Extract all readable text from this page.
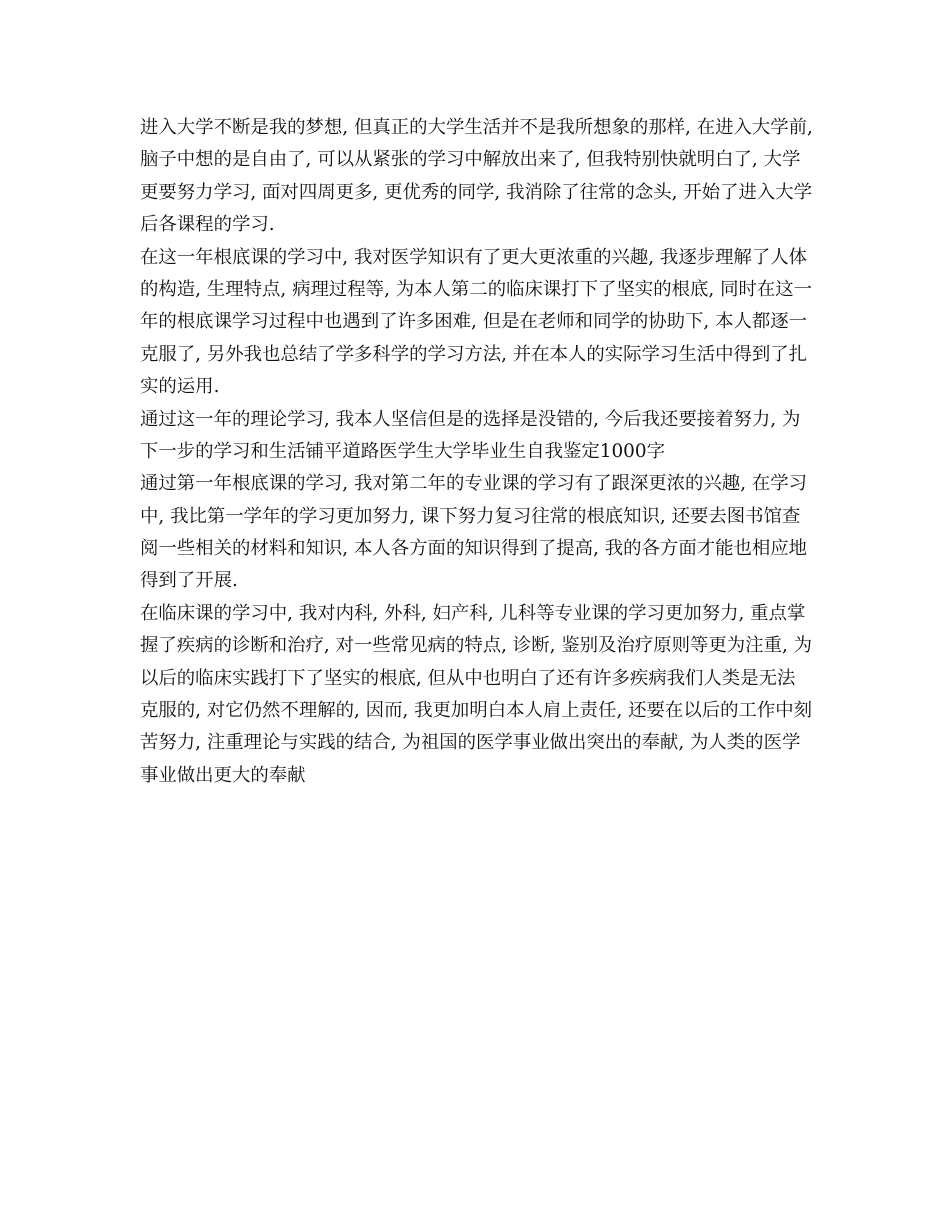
进入大学不断是我的梦想, 但真正的大学生活并不是我所想象的那样, 在进入大学前,
脑子中想的是自由了, 可以从紧张的学习中解放出来了, 但我特别快就明白了, 大学
更要努力学习, 面对四周更多, 更优秀的同学, 我消除了往常的念头, 开始了进入大学
后各课程的学习.

在这一年根底课的学习中, 我对医学知识有了更大更浓重的兴趣, 我逐步理解了人体
的构造, 生理特点, 病理过程等, 为本人第二的临床课打下了坚实的根底, 同时在这一
年的根底课学习过程中也遇到了许多困难, 但是在老师和同学的协助下, 本人都逐一
克服了, 另外我也总结了学多科学的学习方法, 并在本人的实际学习生活中得到了扎
实的运用.

通过这一年的理论学习, 我本人坚信但是的选择是没错的, 今后我还要接着努力, 为
下一步的学习和生活铺平道路医学生大学毕业生自我鉴定1000字

通过第一年根底课的学习, 我对第二年的专业课的学习有了跟深更浓的兴趣, 在学习
中, 我比第一学年的学习更加努力, 课下努力复习往常的根底知识, 还要去图书馆查
阅一些相关的材料和知识, 本人各方面的知识得到了提高, 我的各方面才能也相应地
得到了开展.

在临床课的学习中, 我对内科, 外科, 妇产科, 儿科等专业课的学习更加努力, 重点掌
握了疾病的诊断和治疗, 对一些常见病的特点, 诊断, 鉴别及治疗原则等更为注重, 为
以后的临床实践打下了坚实的根底, 但从中也明白了还有许多疾病我们人类是无法
克服的, 对它仍然不理解的, 因而, 我更加明白本人肩上责任, 还要在以后的工作中刻
苦努力, 注重理论与实践的结合, 为祖国的医学事业做出突出的奉献, 为人类的医学
事业做出更大的奉献
